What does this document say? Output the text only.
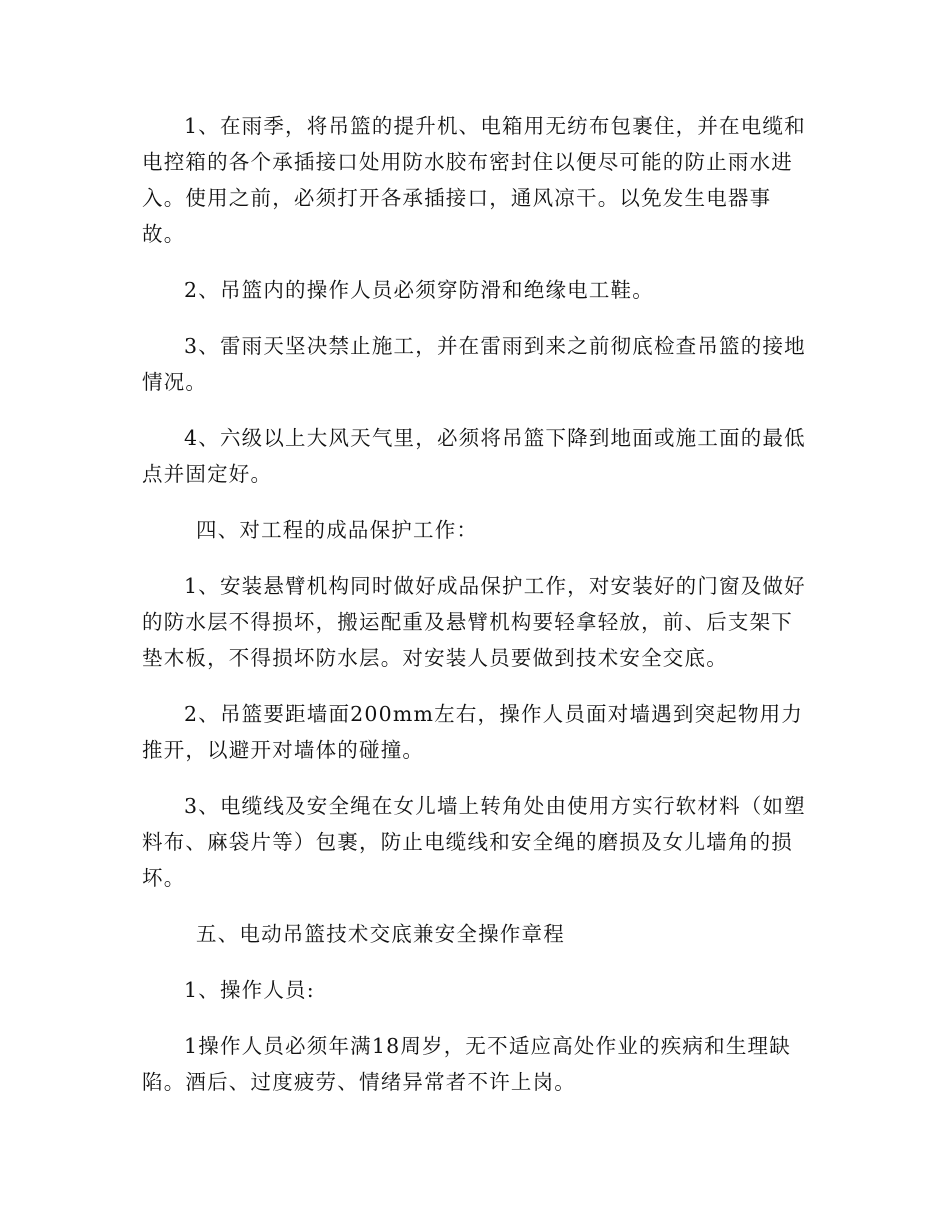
1、在雨季，将吊篮的提升机、电箱用无纺布包裹住，并在电缆和电控箱的各个承插接口处用防水胶布密封住以便尽可能的防止雨水进入。使用之前，必须打开各承插接口，通风凉干。以免发生电器事故。

2、吊篮内的操作人员必须穿防滑和绝缘电工鞋。

3、雷雨天坚决禁止施工，并在雷雨到来之前彻底检查吊篮的接地情况。

4、六级以上大风天气里，必须将吊篮下降到地面或施工面的最低点并固定好。

四、对工程的成品保护工作：

1、安装悬臂机构同时做好成品保护工作，对安装好的门窗及做好的防水层不得损坏，搬运配重及悬臂机构要轻拿轻放，前、后支架下垫木板，不得损坏防水层。对安装人员要做到技术安全交底。

2、吊篮要距墙面200mm左右，操作人员面对墙遇到突起物用力推开，以避开对墙体的碰撞。

3、电缆线及安全绳在女儿墙上转角处由使用方实行软材料（如塑料布、麻袋片等）包裹，防止电缆线和安全绳的磨损及女儿墙角的损坏。

五、电动吊篮技术交底兼安全操作章程

1、操作人员:

1操作人员必须年满18周岁，无不适应高处作业的疾病和生理缺陷。酒后、过度疲劳、情绪异常者不许上岗。
